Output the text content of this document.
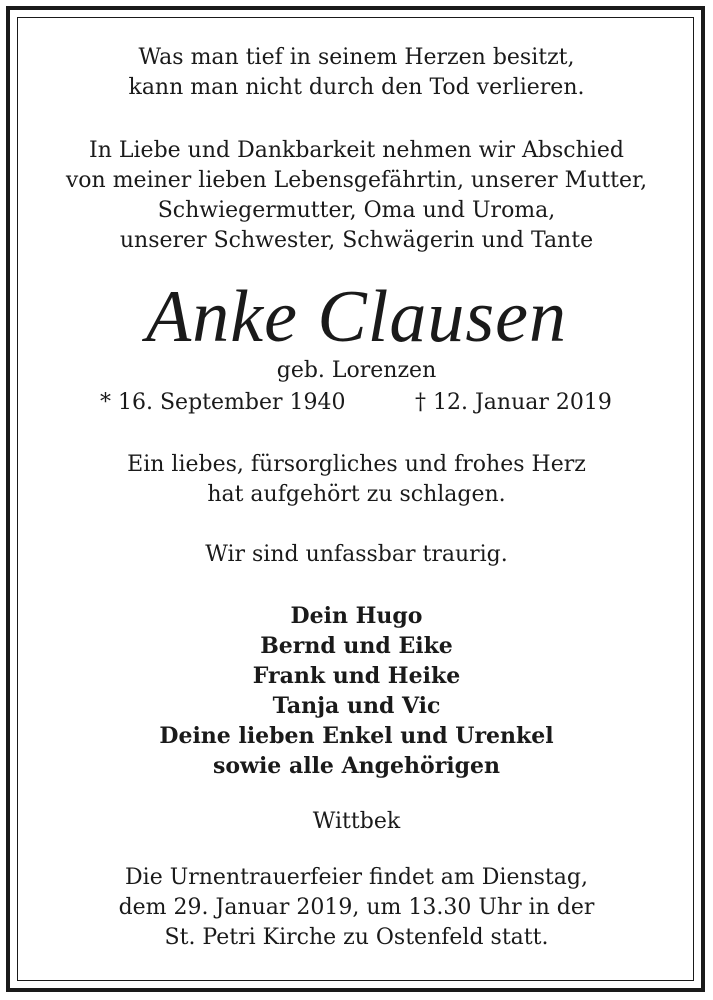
Was man tief in seinem Herzen besitzt,
kann man nicht durch den Tod verlieren.
In Liebe und Dankbarkeit nehmen wir Abschied
von meiner lieben Lebensgefährtin, unserer Mutter,
Schwiegermutter, Oma und Uroma,
unserer Schwester, Schwägerin und Tante
Anke Clausen
geb. Lorenzen
* 16. September 1940	† 12. Januar 2019
Ein liebes, fürsorgliches und frohes Herz
hat aufgehört zu schlagen.
Wir sind unfassbar traurig.
Dein Hugo
Bernd und Eike
Frank und Heike
Tanja und Vic
Deine lieben Enkel und Urenkel
sowie alle Angehörigen
Wittbek
Die Urnentrauerfeier findet am Dienstag,
dem 29. Januar 2019, um 13.30 Uhr in der
St. Petri Kirche zu Ostenfeld statt.
